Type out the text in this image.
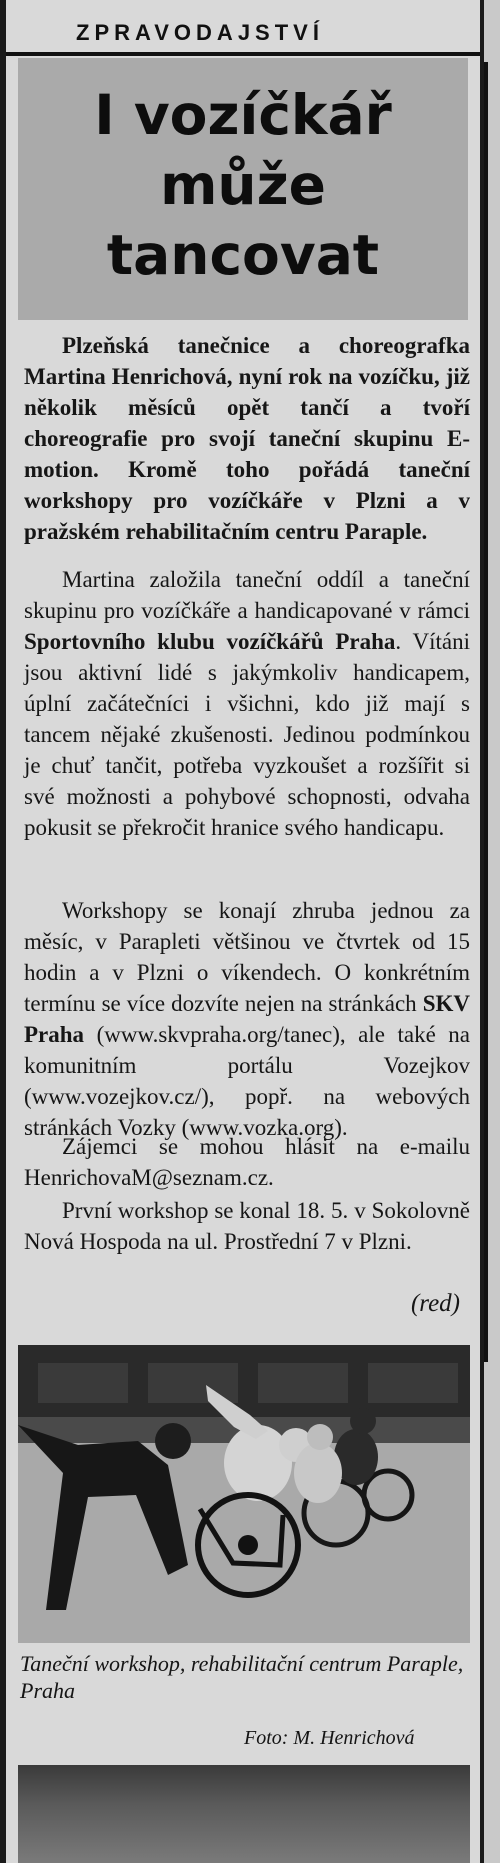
ZPRAVODAJSTVÍ
I vozíčkář
může
tancovat

Plzeňská tanečnice a choreografka Martina Henrichová, nyní rok na vozíčku, již několik měsíců opět tančí a tvoří choreografie pro svojí taneční skupinu E-motion. Kromě toho pořádá taneční workshopy pro vozíčkáře v Plzni a v pražském rehabilitačním centru Paraple.

Martina založila taneční oddíl a taneční skupinu pro vozíčkáře a handicapované v rámci Sportovního klubu vozíčkářů Praha. Vítáni jsou aktivní lidé s jakýmkoliv handicapem, úplní začátečníci i všichni, kdo již mají s tancem nějaké zkušenosti. Jedinou podmínkou je chuť tančit, potřeba vyzkoušet a rozšířit si své možnosti a pohybové schopnosti, odvaha pokusit se překročit hranice svého handicapu.

Workshopy se konají zhruba jednou za měsíc, v Parapleti většinou ve čtvrtek od 15 hodin a v Plzni o víkendech. O konkrétním termínu se více dozvíte nejen na stránkách SKV Praha (www.skvpraha.org/tanec), ale také na komunitním portálu Vozejkov (www.vozejkov.cz/), popř. na webových stránkách Vozky (www.vozka.org).

Zájemci se mohou hlásit na e-mailu HenrichovaM@seznam.cz.

První workshop se konal 18. 5. v Sokolovně Nová Hospoda na ul. Prostřední 7 v Plzni.

(red)
Taneční workshop, rehabilitační centrum Paraple, Praha
Foto: M. Henrichová
